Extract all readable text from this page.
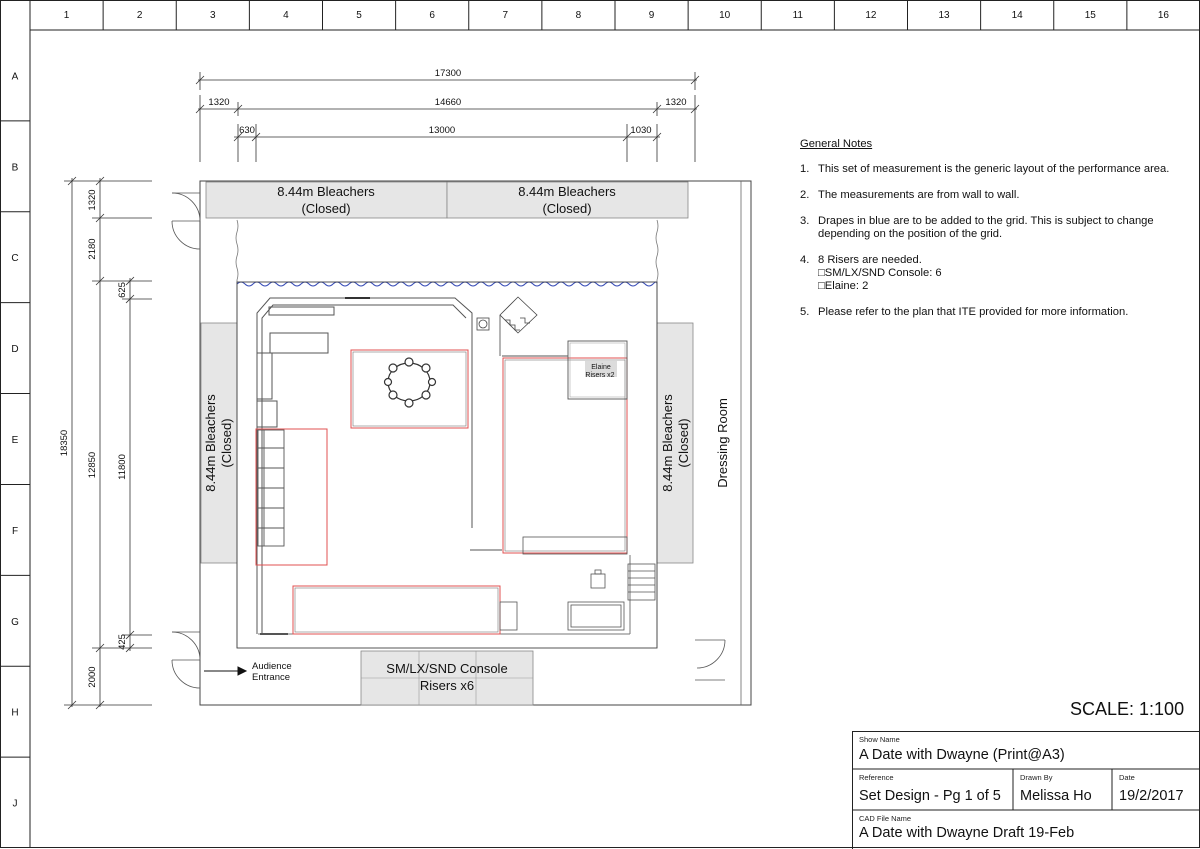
1	2	3	4	5	6	7	8	9	10	11	12	13	14	15	16
A
B
C
D
E
F
G
H
J
17300
1320	14660	1320
630	13000	1030
18350
1320
2180
12850
2000
625
11800
425
8.44m Bleachers
(Closed)
8.44m Bleachers
(Closed)
8.44m Bleachers (Closed)	8.44m Bleachers (Closed) Dressing Room
Elaine
Risers x2
SM/LX/SND Console
Risers x6
Audience
Entrance
General Notes
1. This set of measurement is the generic layout of the performance area.
2. The measurements are from wall to wall.
3. Drapes in blue are to be added to the grid. This is subject to change depending on the position of the grid.
4. 8 Risers are needed.
□SM/LX/SND Console: 6
□Elaine: 2
5. Please refer to the plan that ITE provided for more information.
SCALE: 1:100
Show Name
A Date with Dwayne (Print@A3)
Reference
Set Design - Pg 1 of 5
Drawn By
Melissa Ho
Date
19/2/2017
CAD File Name
A Date with Dwayne Draft 19-Feb
